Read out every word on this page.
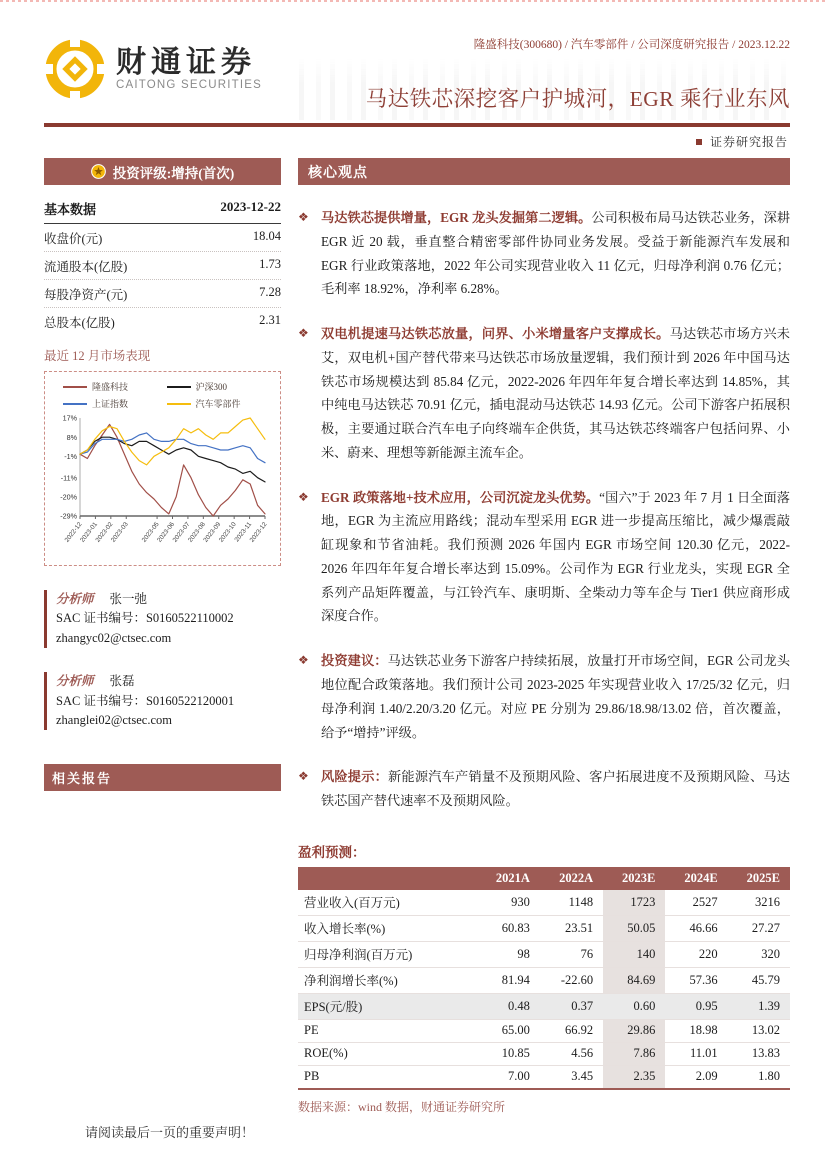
财通证券
CAITONG SECURITIES
隆盛科技(300680) / 汽车零部件 / 公司深度研究报告 / 2023.12.22
马达铁芯深挖客户护城河，EGR 乘行业东风
证券研究报告
投资评级:增持(首次)
基本数据	2023-12-22
收盘价(元)	18.04
流通股本(亿股)	1.73
每股净资产(元)	7.28
总股本(亿股)	2.31
最近 12 月市场表现
隆盛科技	沪深300
上证指数	汽车零部件
17%
8%
-1%
-11%
-20%
-29%
2022-12
2023-01
2023-02
2023-03 2023-05
2023-06
2023-07
2023-08
2023-09
2023-10
2023-11
2023-12
分析师 张一弛
SAC 证书编号：S0160522110002
zhangyc02@ctsec.com
分析师 张磊
SAC 证书编号：S0160522120001
zhanglei02@ctsec.com
相关报告
核心观点
❖ 马达铁芯提供增量，EGR 龙头发掘第二逻辑。公司积极布局马达铁芯业务，深耕 EGR 近 20 载，垂直整合精密零部件协同业务发展。受益于新能源汽车发展和 EGR 行业政策落地，2022 年公司实现营业收入 11 亿元，归母净利润 0.76 亿元；毛利率 18.92%，净利率 6.28%。
❖ 双电机提速马达铁芯放量，问界、小米增量客户支撑成长。马达铁芯市场方兴未艾，双电机+国产替代带来马达铁芯市场放量逻辑，我们预计到 2026 年中国马达铁芯市场规模达到 85.84 亿元，2022-2026 年四年年复合增长率达到 14.85%，其中纯电马达铁芯 70.91 亿元，插电混动马达铁芯 14.93 亿元。公司下游客户拓展积极，主要通过联合汽车电子向终端车企供货，其马达铁芯终端客户包括问界、小米、蔚来、理想等新能源主流车企。
❖ EGR 政策落地+技术应用，公司沉淀龙头优势。“国六”于 2023 年 7 月 1 日全面落地，EGR 为主流应用路线；混动车型采用 EGR 进一步提高压缩比，减少爆震敲缸现象和节省油耗。我们预测 2026 年国内 EGR 市场空间 120.30 亿元，2022-2026 年四年年复合增长率达到 15.09%。公司作为 EGR 行业龙头，实现 EGR 全系列产品矩阵覆盖，与江铃汽车、康明斯、全柴动力等车企与 Tier1 供应商形成深度合作。
❖ 投资建议：马达铁芯业务下游客户持续拓展，放量打开市场空间，EGR 公司龙头地位配合政策落地。我们预计公司 2023-2025 年实现营业收入 17/25/32 亿元，归母净利润 1.40/2.20/3.20 亿元。对应 PE 分别为 29.86/18.98/13.02 倍，首次覆盖，给予“增持”评级。
❖ 风险提示：新能源汽车产销量不及预期风险、客户拓展进度不及预期风险、马达铁芯国产替代速率不及预期风险。
盈利预测：
	2021A	2022A	2023E	2024E	2025E
营业收入(百万元)	930	1148	1723	2527	3216
收入增长率(%)	60.83	23.51	50.05	46.66	27.27
归母净利润(百万元)	98	76	140	220	320
净利润增长率(%)	81.94	-22.60	84.69	57.36	45.79
EPS(元/股)	0.48	0.37	0.60	0.95	1.39
PE	65.00	66.92	29.86	18.98	13.02
ROE(%)	10.85	4.56	7.86	11.01	13.83
PB	7.00	3.45	2.35	2.09	1.80
数据来源：wind 数据，财通证券研究所
请阅读最后一页的重要声明！
